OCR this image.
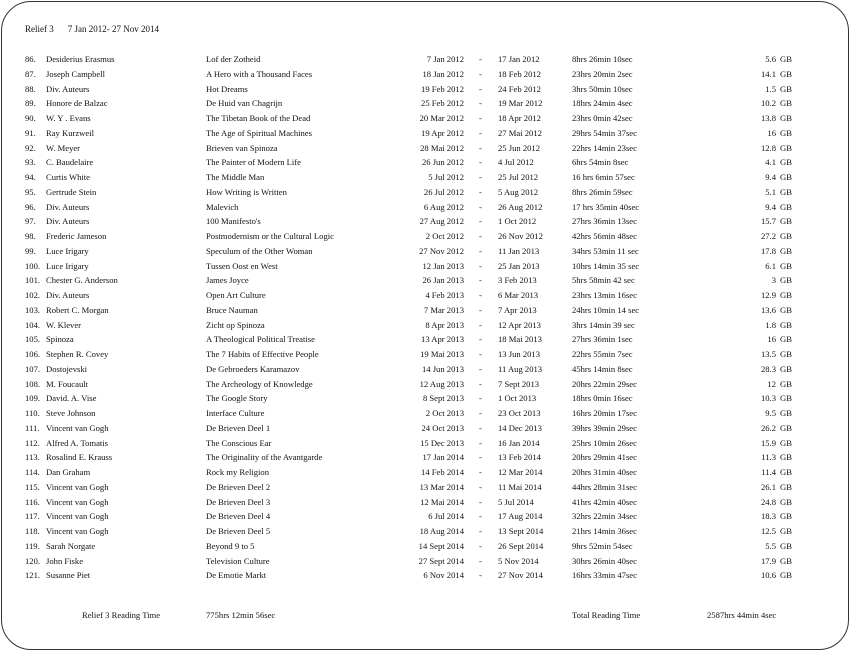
Relief 3 7 Jan 2012- 27 Nov 2014
86. Desiderius Erasmus	Lof der Zotheid	7 Jan 2012 - 17 Jan 2012	8hrs 26min 10sec	5.6 GB
87. Joseph Campbell	A Hero with a Thousand Faces	18 Jan 2012 - 18 Feb 2012	23hrs 20min 2sec	14.1 GB
88. Div. Auteurs	Hot Dreams	19 Feb 2012 - 24 Feb 2012	3hrs 50min 10sec	1.5 GB
89. Honore de Balzac	De Huid van Chagrijn	25 Feb 2012 - 19 Mar 2012	18hrs 24min 4sec	10.2 GB
90. W. Y . Evans	The Tibetan Book of the Dead	20 Mar 2012 - 18 Apr 2012	23hrs 0min 42sec	13.8 GB
91. Ray Kurzweil	The Age of Spiritual Machines	19 Apr 2012 - 27 Mai 2012	29hrs 54min 37sec	16 GB
92. W. Meyer	Brieven van Spinoza	28 Mai 2012 - 25 Jun 2012	22hrs 14min 23sec	12.8 GB
93. C. Baudelaire	The Painter of Modern Life	26 Jun 2012 - 4 Jul 2012	6hrs 54min 8sec	4.1 GB
94. Curtis White	The Middle Man	5 Jul 2012 - 25 Jul 2012	16 hrs 6min 57sec	9.4 GB
95. Gertrude Stein	How Writing is Written	26 Jul 2012 - 5 Aug 2012	8hrs 26min 59sec	5.1 GB
96. Div. Auteurs	Malevich	6 Aug 2012 - 26 Aug 2012	17 hrs 35min 40sec	9.4 GB
97. Div. Auteurs	100 Manifesto's	27 Aug 2012 - 1 Oct 2012	27hrs 36min 13sec	15.7 GB
98. Frederic Jameson	Postmodernism or the Cultural Logic	2 Oct 2012 - 26 Nov 2012	42hrs 56min 48sec	27.2 GB
99. Luce Irigary	Speculum of the Other Woman	27 Nov 2012 - 11 Jan 2013	34hrs 53min 11 sec	17.8 GB
100. Luce Irigary	Tussen Oost en West	12 Jan 2013 - 25 Jan 2013	10hrs 14min 35 sec	6.1 GB
101. Chester G. Anderson	James Joyce	26 Jan 2013 - 3 Feb 2013	5hrs 58min 42 sec	3 GB
102. Div. Auteurs	Open Art Culture	4 Feb 2013 - 6 Mar 2013	23hrs 13min 16sec	12.9 GB
103. Robert C. Morgan	Bruce Nauman	7 Mar 2013 - 7 Apr 2013	24hrs 10min 14 sec	13.6 GB
104. W. Klever	Zicht op Spinoza	8 Apr 2013 - 12 Apr 2013	3hrs 14min 39 sec	1.8 GB
105. Spinoza	A Theological Political Treatise	13 Apr 2013 - 18 Mai 2013	27hrs 36min 1sec	16 GB
106. Stephen R. Covey	The 7 Habits of Effective People	19 Mai 2013 - 13 Jun 2013	22hrs 55min 7sec	13.5 GB
107. Dostojevski	De Gebroeders Karamazov	14 Jun 2013 - 11 Aug 2013	45hrs 14min 8sec	28.3 GB
108. M. Foucault	The Archeology of Knowledge	12 Aug 2013 - 7 Sept 2013	20hrs 22min 29sec	12 GB
109. David. A. Vise	The Google Story	8 Sept 2013 - 1 Oct 2013	18hrs 0min 16sec	10.3 GB
110. Steve Johnson	Interface Culture	2 Oct 2013 - 23 Oct 2013	16hrs 20min 17sec	9.5 GB
111. Vincent van Gogh	De Brieven Deel 1	24 Oct 2013 - 14 Dec 2013	39hrs 39min 29sec	26.2 GB
112. Alfred A. Tomatis	The Conscious Ear	15 Dec 2013 - 16 Jan 2014	25hrs 10min 26sec	15.9 GB
113. Rosalind E. Krauss	The Originality of the Avantgarde	17 Jan 2014 - 13 Feb 2014	20hrs 29min 41sec	11.3 GB
114. Dan Graham	Rock my Religion	14 Feb 2014 - 12 Mar 2014	20hrs 31min 40sec	11.4 GB
115. Vincent van Gogh	De Brieven Deel 2	13 Mar 2014 - 11 Mai 2014	44hrs 28min 31sec	26.1 GB
116. Vincent van Gogh	De Brieven Deel 3	12 Mai 2014 - 5 Jul 2014	41hrs 42min 40sec	24.8 GB
117. Vincent van Gogh	De Brieven Deel 4	6 Jul 2014 - 17 Aug 2014	32hrs 22min 34sec	18.3 GB
118. Vincent van Gogh	De Brieven Deel 5	18 Aug 2014 - 13 Sept 2014	21hrs 14min 36sec	12.5 GB
119. Sarah Norgate	Beyond 9 to 5	14 Sept 2014 - 26 Sept 2014	9hrs 52min 54sec	5.5 GB
120. John Fiske	Television Culture	27 Sept 2014 - 5 Nov 2014	30hrs 26min 40sec	17.9 GB
121. Susanne Piet	De Emotie Markt	6 Nov 2014 - 27 Nov 2014	16hrs 33min 47sec	10.6 GB
Relief 3 Reading Time	775hrs 12min 56sec	Total Reading Time	2587hrs 44min 4sec
